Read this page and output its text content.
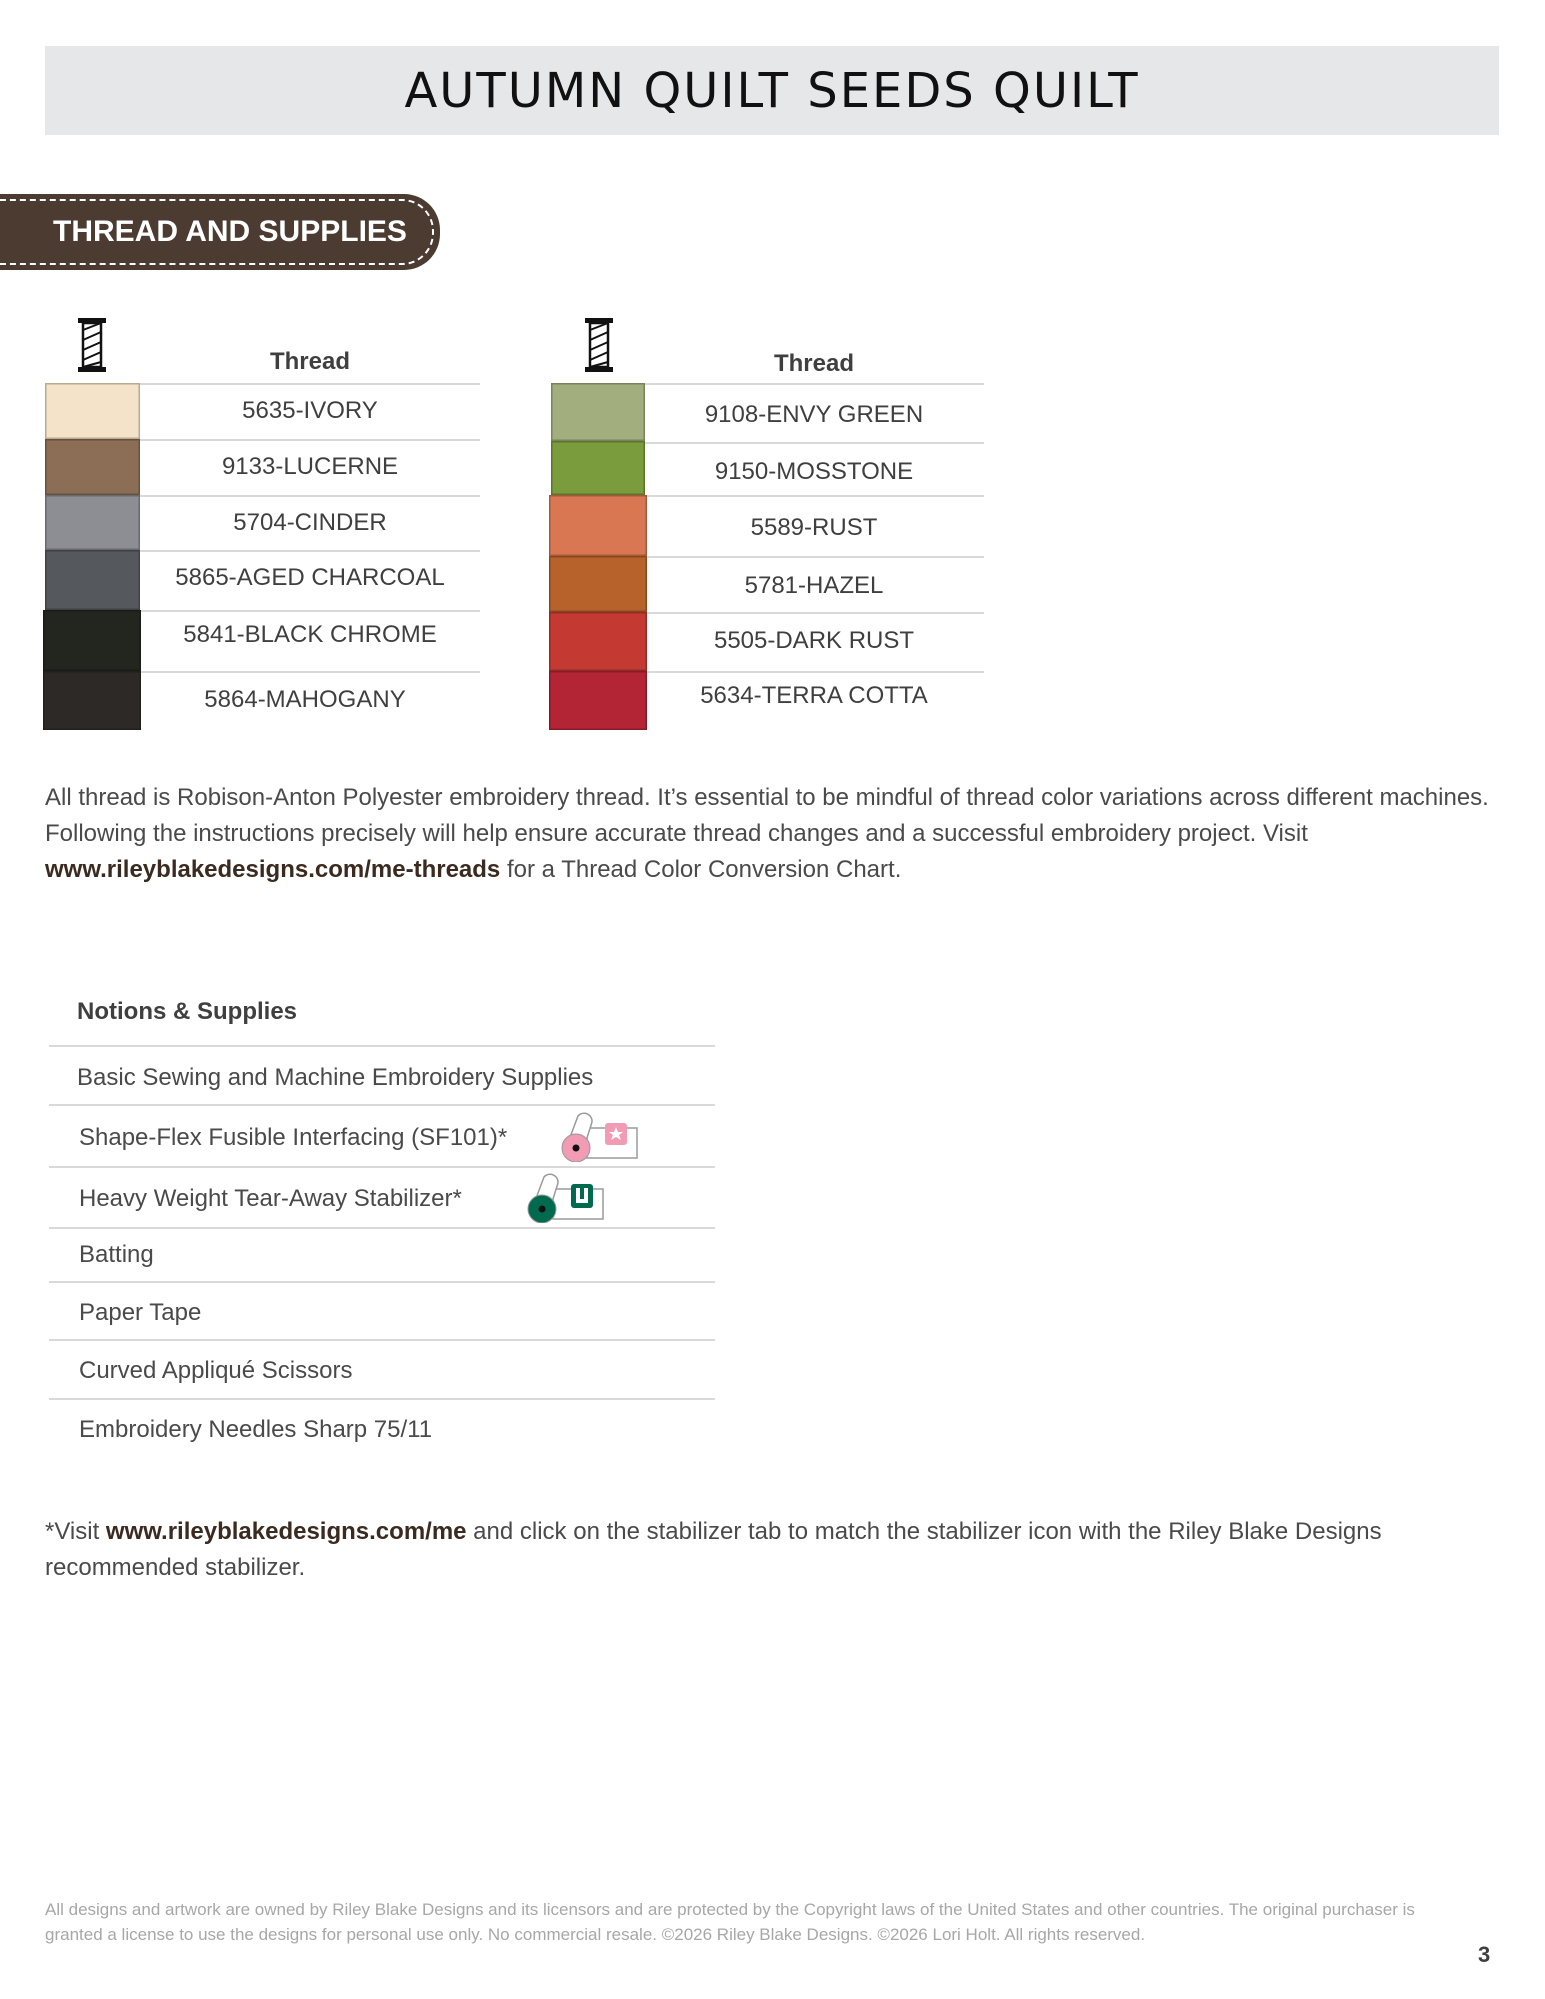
AUTUMN QUILT SEEDS QUILT
THREAD AND SUPPLIES
Thread
5635-IVORY
9133-LUCERNE
5704-CINDER
5865-AGED CHARCOAL
5841-BLACK CHROME
5864-MAHOGANY
Thread
9108-ENVY GREEN
9150-MOSSTONE
5589-RUST
5781-HAZEL
5505-DARK RUST
5634-TERRA COTTA

All thread is Robison-Anton Polyester embroidery thread. It’s essential to be mindful of thread color variations across different machines. Following the instructions precisely will help ensure accurate thread changes and a successful embroidery project. Visit www.rileyblakedesigns.com/me-threads for a Thread Color Conversion Chart.

Notions & Supplies
Basic Sewing and Machine Embroidery Supplies
Shape-Flex Fusible Interfacing (SF101)*
Heavy Weight Tear-Away Stabilizer*
Batting
Paper Tape
Curved Appliqué Scissors
Embroidery Needles Sharp 75/11

*Visit www.rileyblakedesigns.com/me and click on the stabilizer tab to match the stabilizer icon with the Riley Blake Designs recommended stabilizer.

All designs and artwork are owned by Riley Blake Designs and its licensors and are protected by the Copyright laws of the United States and other countries. The original purchaser is granted a license to use the designs for personal use only. No commercial resale. ©2026 Riley Blake Designs. ©2026 Lori Holt. All rights reserved.
3
